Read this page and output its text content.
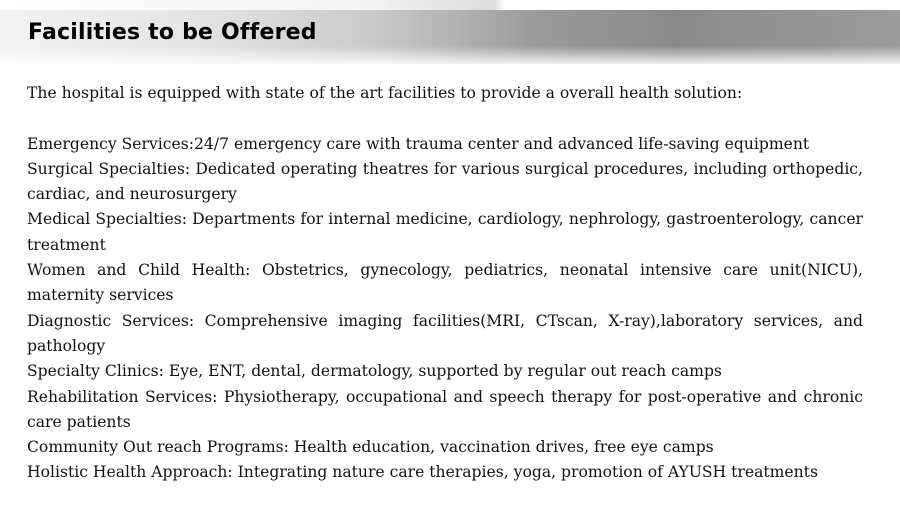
Facilities to be Offered

The hospital is equipped with state of the art facilities to provide a overall health solution:

Emergency Services:24/7 emergency care with trauma center and advanced life-saving equipment

Surgical Specialties: Dedicated operating theatres for various surgical procedures, including orthopedic, cardiac, and neurosurgery

Medical Specialties: Departments for internal medicine, cardiology, nephrology, gastroenterology, cancer treatment

Women and Child Health: Obstetrics, gynecology, pediatrics, neonatal intensive care unit(NICU), maternity services

Diagnostic Services: Comprehensive imaging facilities(MRI, CTscan, X-ray),laboratory services, and pathology

Specialty Clinics: Eye, ENT, dental, dermatology, supported by regular out reach camps

Rehabilitation Services: Physiotherapy, occupational and speech therapy for post-operative and chronic care patients

Community Out reach Programs: Health education, vaccination drives, free eye camps

Holistic Health Approach: Integrating nature care therapies, yoga, promotion of AYUSH treatments
